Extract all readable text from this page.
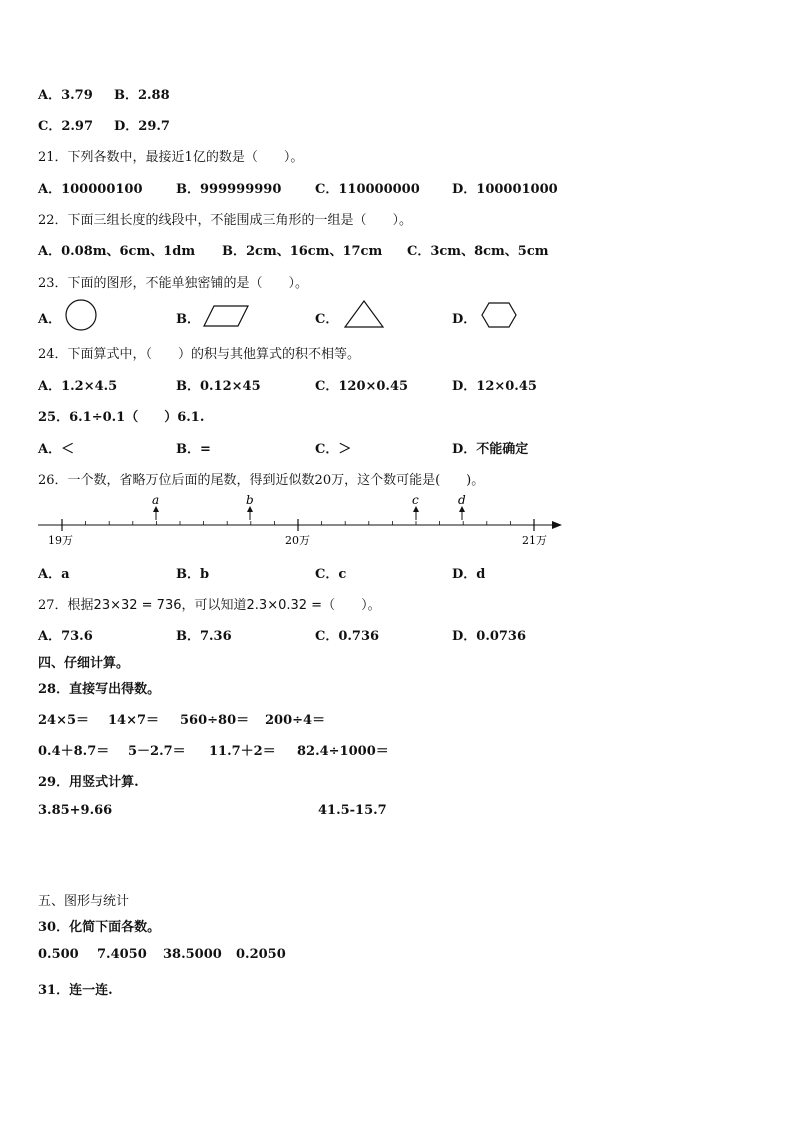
A．3.79 B．2.88
C．2.97 D．29.7
21．下列各数中，最接近1亿的数是（　　）。
A．100000100	B．999999990	C．110000000 D．100001000
22．下面三组长度的线段中，不能围成三角形的一组是（　　）。
A．0.08m、6cm、1dm B．2cm、16cm、17cm C．3cm、8cm、5cm
23．下面的图形，不能单独密铺的是（　　）。
A．	B．	C．	D．
24．下面算式中，（　　）的积与其他算式的积不相等。
A．1.2×4.5	B．0.12×45	C．120×0.45	D．12×0.45
25．6.1÷0.1（　　）6.1.
A．＜	B．=	C．＞	D．不能确定
26．一个数，省略万位后面的尾数，得到近似数20万，这个数可能是(　　)。
a	b	c	d
19万	20万	21万
A．a	B．b	C．c	D．d
27．根据23×32 = 736，可以知道2.3×0.32 =（　　）。
A．73.6	B．7.36	C．0.736	D．0.0736
四、仔细计算。
28．直接写出得数。
24×5＝ 14×7＝ 560÷80＝ 200÷4＝
0.4＋8.7＝ 5－2.7＝ 11.7＋2＝ 82.4÷1000＝
29．用竖式计算.
3.85+9.66	41.5-15.7
五、图形与统计
30．化简下面各数。
0.500 7.4050 38.5000 0.2050
31．连一连.
